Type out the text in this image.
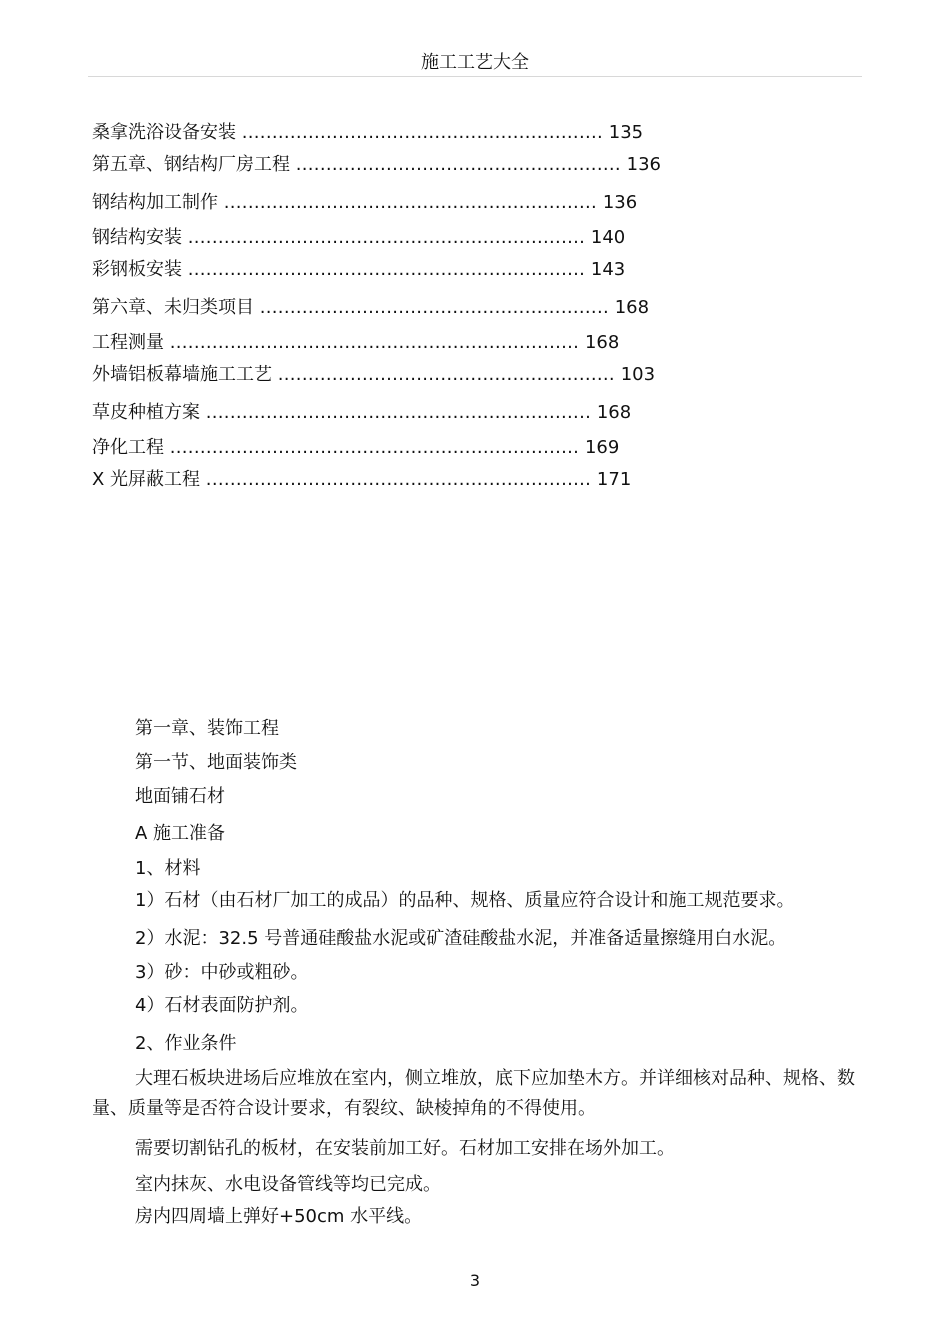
施工工艺大全
桑拿洗浴设备安装 ............................................................ 135
第五章、钢结构厂房工程 ...................................................... 136
钢结构加工制作 .............................................................. 136
钢结构安装 .................................................................. 140
彩钢板安装 .................................................................. 143
第六章、未归类项目 .......................................................... 168
工程测量 .................................................................... 168
外墙铝板幕墙施工工艺 ........................................................ 103
草皮种植方案 ................................................................ 168
净化工程 .................................................................... 169
X 光屏蔽工程 ................................................................ 171
第一章、装饰工程
第一节、地面装饰类
地面铺石材
A 施工准备
1、材料
1）石材（由石材厂加工的成品）的品种、规格、质量应符合设计和施工规范要求。
2）水泥：32.5 号普通硅酸盐水泥或矿渣硅酸盐水泥，并准备适量擦缝用白水泥。
3）砂：中砂或粗砂。
4）石材表面防护剂。
2、作业条件
大理石板块进场后应堆放在室内，侧立堆放，底下应加垫木方。并详细核对品种、规格、数量、质量等是否符合设计要求，有裂纹、缺棱掉角的不得使用。
需要切割钻孔的板材，在安装前加工好。石材加工安排在场外加工。
室内抹灰、水电设备管线等均已完成。
房内四周墙上弹好+50cm 水平线。
3
